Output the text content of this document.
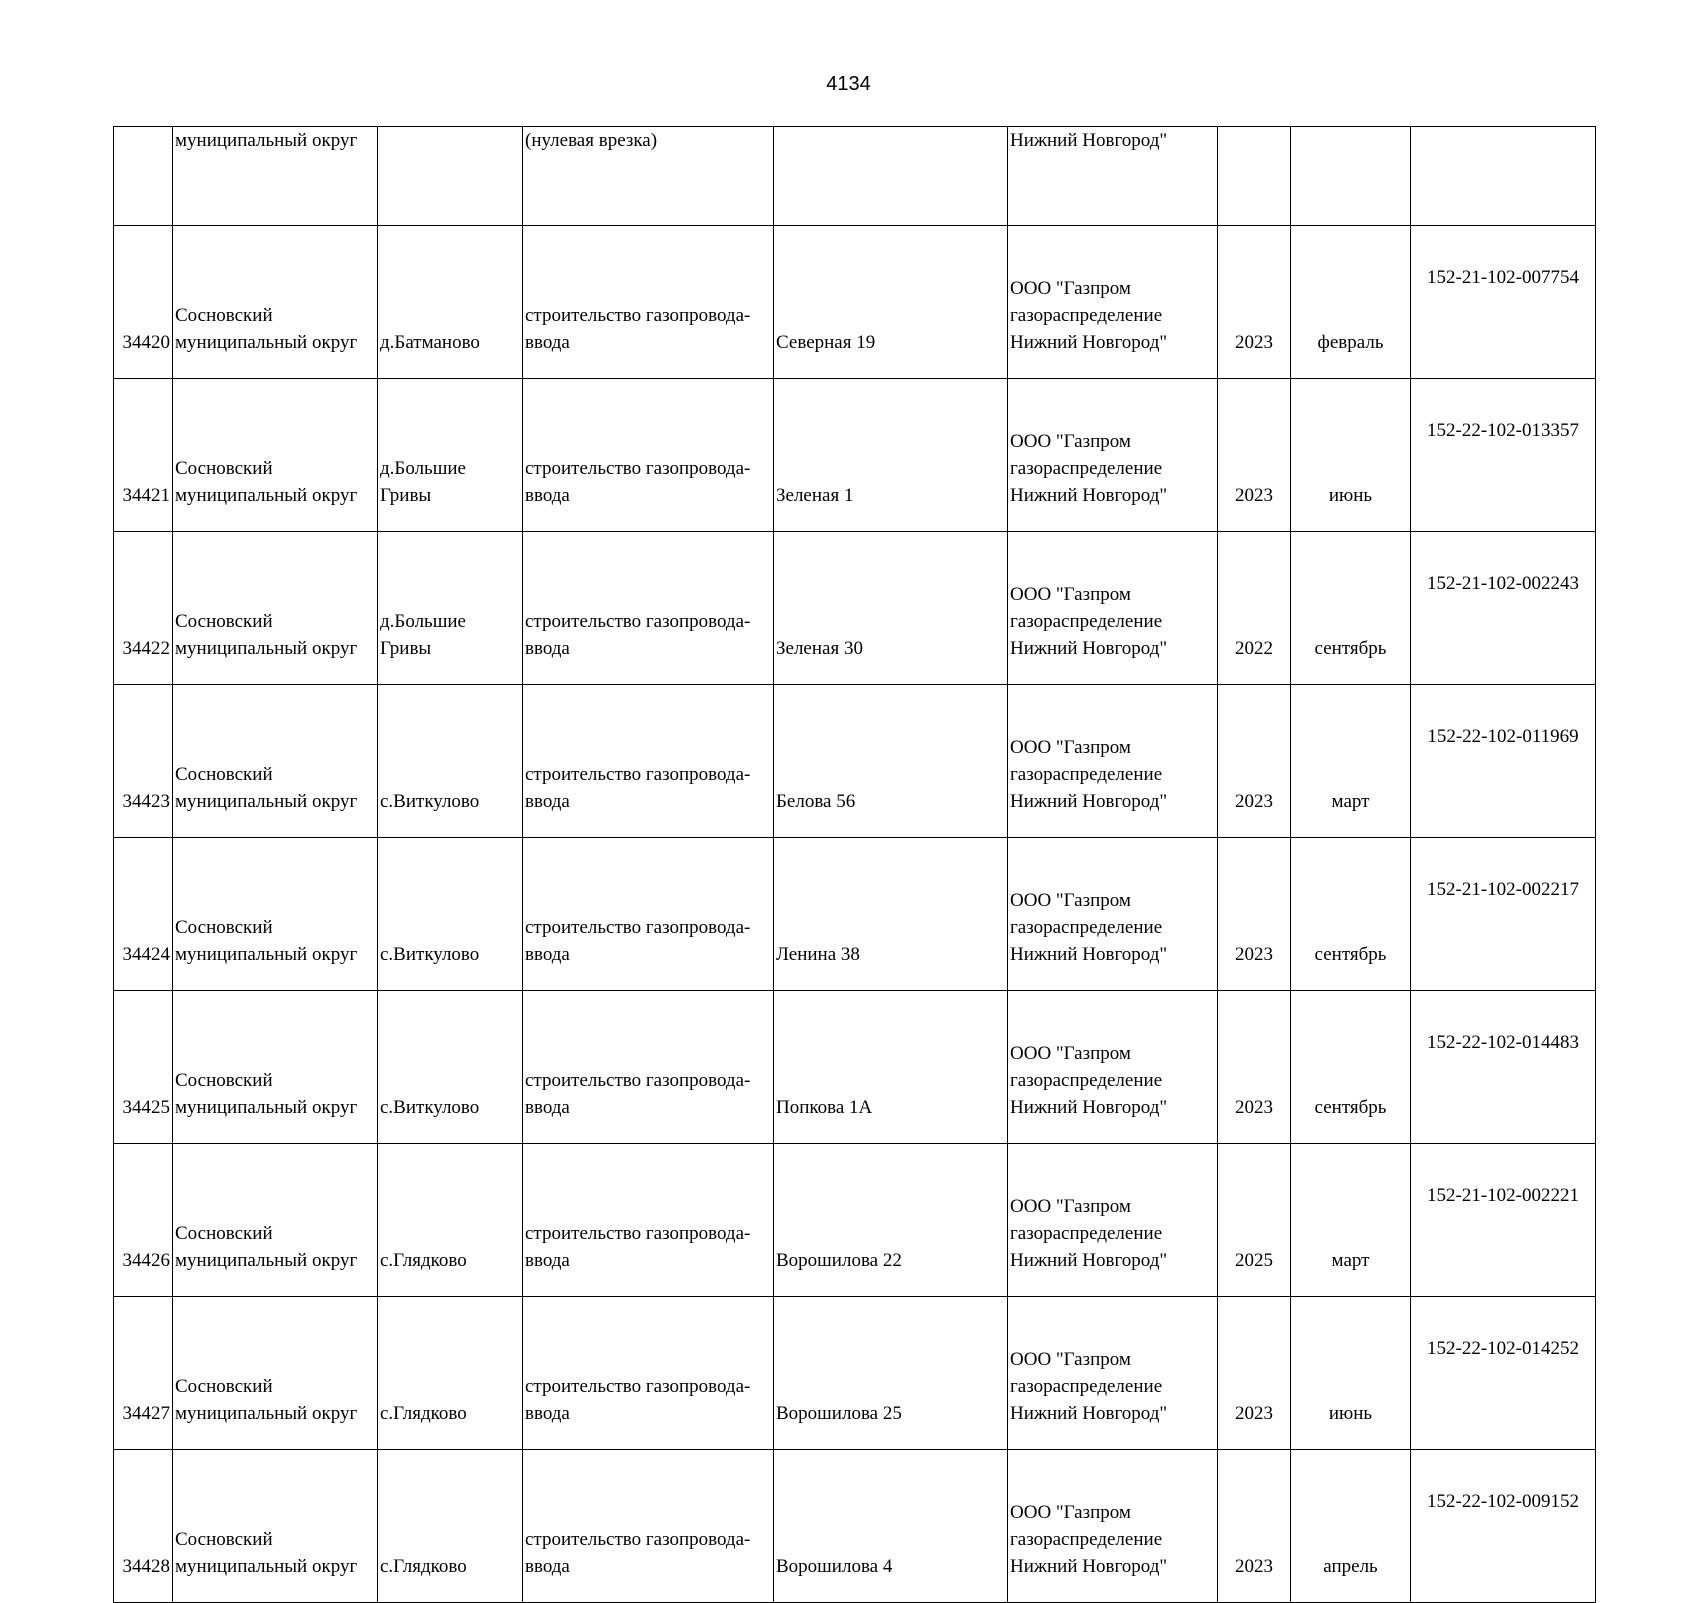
4134
	муниципальный округ		(нулевая врезка)		Нижний Новгород"			

34420	Сосновский
муниципальный округ	д.Батманово	строительство газопровода-
ввода	Северная 19	ООО "Газпром
газораспределение
Нижний Новгород"	2023	февраль	152-21-102-007754

34421	Сосновский
муниципальный округ	д.Большие
Гривы	строительство газопровода-
ввода	Зеленая 1	ООО "Газпром
газораспределение
Нижний Новгород"	2023	июнь	152-22-102-013357

34422	Сосновский
муниципальный округ	д.Большие
Гривы	строительство газопровода-
ввода	Зеленая 30	ООО "Газпром
газораспределение
Нижний Новгород"	2022	сентябрь	152-21-102-002243

34423	Сосновский
муниципальный округ	с.Виткулово	строительство газопровода-
ввода	Белова 56	ООО "Газпром
газораспределение
Нижний Новгород"	2023	март	152-22-102-011969

34424	Сосновский
муниципальный округ	с.Виткулово	строительство газопровода-
ввода	Ленина 38	ООО "Газпром
газораспределение
Нижний Новгород"	2023	сентябрь	152-21-102-002217

34425	Сосновский
муниципальный округ	с.Виткулово	строительство газопровода-
ввода	Попкова 1А	ООО "Газпром
газораспределение
Нижний Новгород"	2023	сентябрь	152-22-102-014483

34426	Сосновский
муниципальный округ	с.Глядково	строительство газопровода-
ввода	Ворошилова 22	ООО "Газпром
газораспределение
Нижний Новгород"	2025	март	152-21-102-002221

34427	Сосновский
муниципальный округ	с.Глядково	строительство газопровода-
ввода	Ворошилова 25	ООО "Газпром
газораспределение
Нижний Новгород"	2023	июнь	152-22-102-014252

34428	Сосновский
муниципальный округ	с.Глядково	строительство газопровода-
ввода	Ворошилова 4	ООО "Газпром
газораспределение
Нижний Новгород"	2023	апрель	152-22-102-009152
